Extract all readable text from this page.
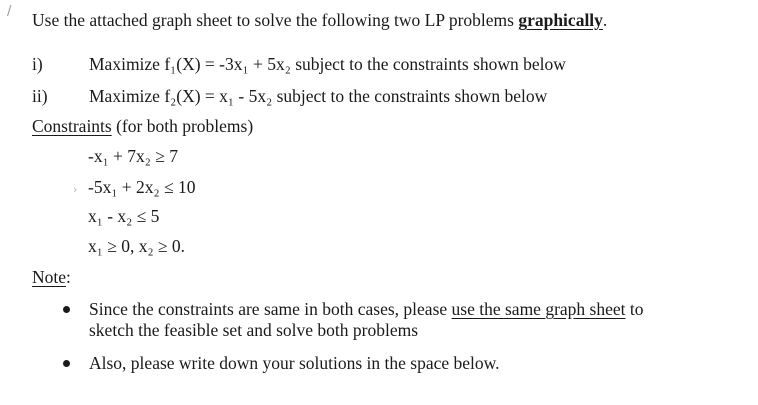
/ Use the attached graph sheet to solve the following two LP problems graphically.
i)	Maximize f₁(X) = -3x₁ + 5x₂ subject to the constraints shown below
ii) Maximize f₂(X) = x₁ - 5x₂ subject to the constraints shown below
Constraints (for both problems)
-x₁ + 7x₂ ≥ 7
› -5x₁ + 2x₂ ≤ 10
x₁ - x₂ ≤ 5
x₁ ≥ 0, x₂ ≥ 0.
Note:
Since the constraints are same in both cases, please use the same graph sheet to
sketch the feasible set and solve both problems
Also, please write down your solutions in the space below.
